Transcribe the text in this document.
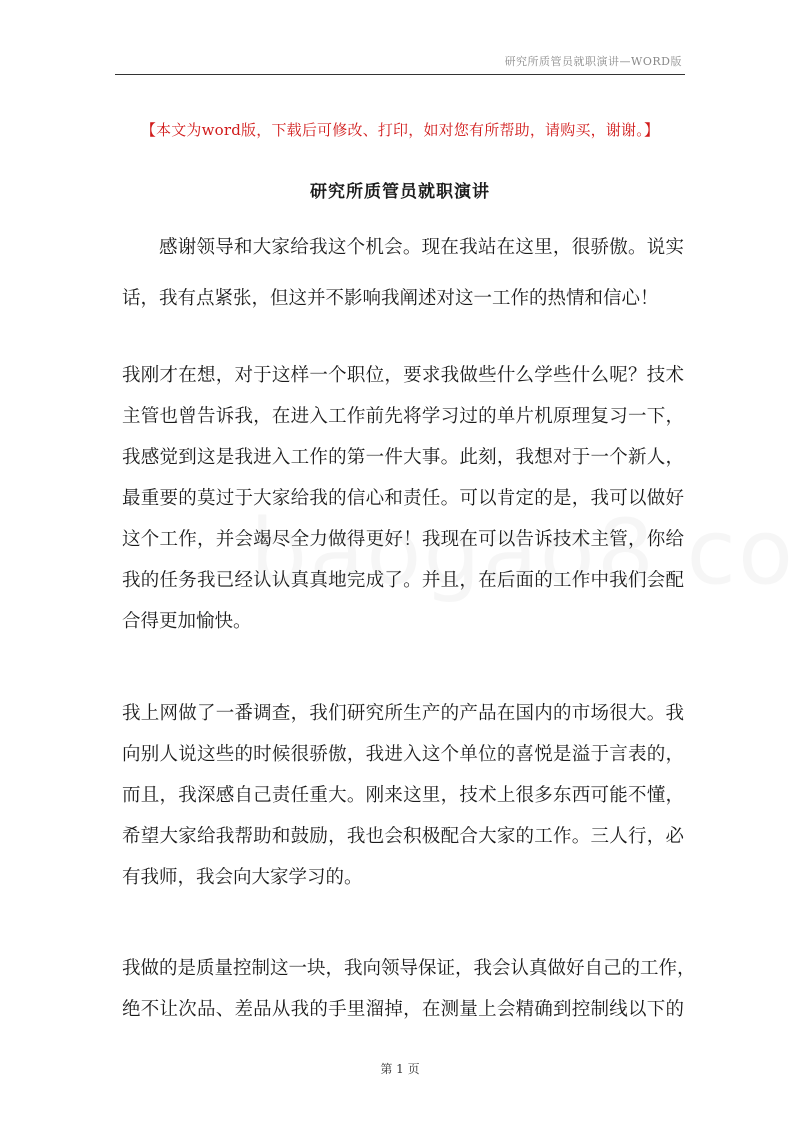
研究所质管员就职演讲—WORD版
【本文为word版，下载后可修改、打印，如对您有所帮助，请购买，谢谢。】
研究所质管员就职演讲
感谢领导和大家给我这个机会。现在我站在这里，很骄傲。说实
话，我有点紧张，但这并不影响我阐述对这一工作的热情和信心！
我刚才在想，对于这样一个职位，要求我做些什么学些什么呢？技术
主管也曾告诉我，在进入工作前先将学习过的单片机原理复习一下，
我感觉到这是我进入工作的第一件大事。此刻，我想对于一个新人，
最重要的莫过于大家给我的信心和责任。可以肯定的是，我可以做好
这个工作，并会竭尽全力做得更好！我现在可以告诉技术主管，你给
我的任务我已经认认真真地完成了。并且，在后面的工作中我们会配
合得更加愉快。
我上网做了一番调查，我们研究所生产的产品在国内的市场很大。我
向别人说这些的时候很骄傲，我进入这个单位的喜悦是溢于言表的，
而且，我深感自己责任重大。刚来这里，技术上很多东西可能不懂，
希望大家给我帮助和鼓励，我也会积极配合大家的工作。三人行，必
有我师，我会向大家学习的。
我做的是质量控制这一块，我向领导保证，我会认真做好自己的工作，
绝不让次品、差品从我的手里溜掉，在测量上会精确到控制线以下的
第 1 页
